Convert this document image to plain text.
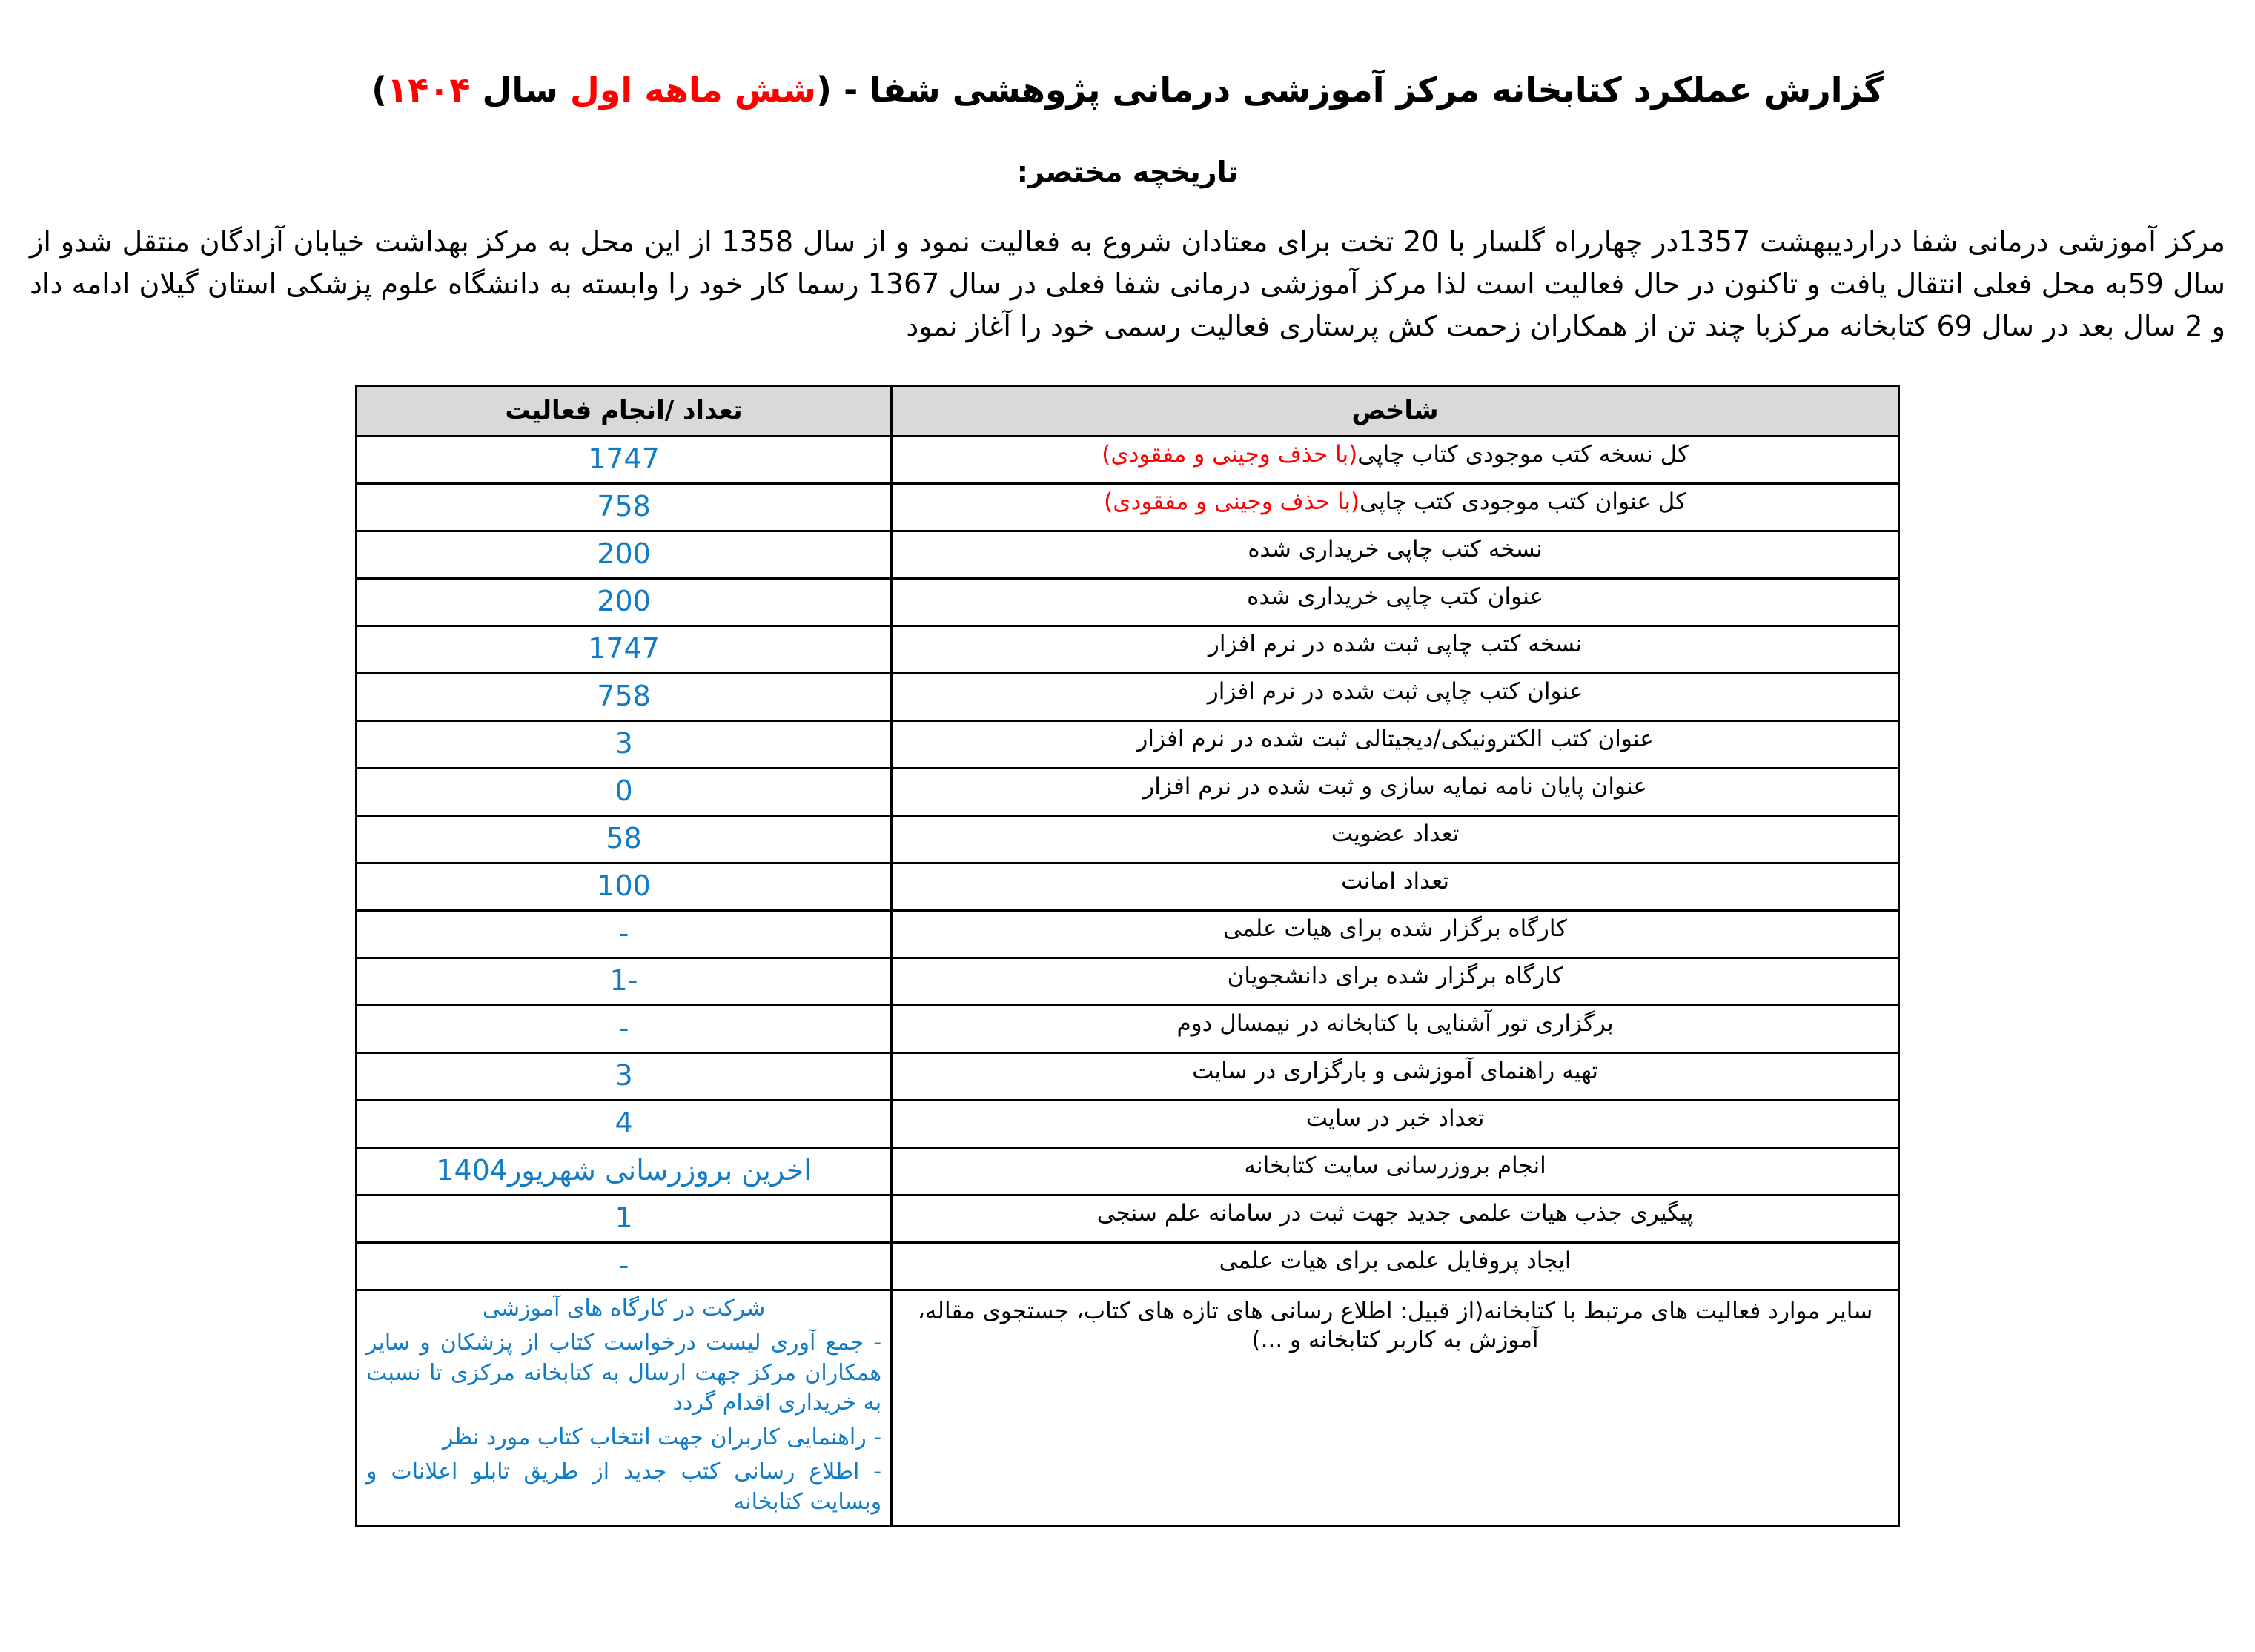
گزارش عملکرد کتابخانه مرکز آموزشی درمانی پژوهشی شفا - (شش ماهه اول سال ۱۴۰۴)
تاریخچه مختصر:

مرکز آموزشی درمانی شفا دراردیبهشت 1357در چهارراه گلسار با 20 تخت برای معتادان شروع به فعالیت نمود و از سال 1358 از این محل به مرکز بهداشت خیابان آزادگان منتقل شدو از سال 59به محل فعلی انتقال یافت و تاکنون در حال فعالیت است لذا مرکز آموزشی درمانی شفا فعلی در سال 1367 رسما کار خود را وابسته به دانشگاه علوم پزشکی استان گیلان ادامه داد و 2 سال بعد در سال 69 کتابخانه مرکزبا چند تن از همکاران زحمت کش پرستاری فعالیت رسمی خود را آغاز نمود

شاخص	تعداد /انجام فعالیت
کل نسخه کتب موجودی کتاب چاپی(با حذف وجینی و مفقودی)	1747
کل عنوان کتب موجودی کتب چاپی(با حذف وجینی و مفقودی)	758
نسخه کتب چاپی خریداری شده	200
عنوان کتب چاپی خریداری شده	200
نسخه کتب چاپی ثبت شده در نرم افزار	1747
عنوان کتب چاپی ثبت شده در نرم افزار	758
عنوان کتب الکترونیکی/دیجیتالی ثبت شده در نرم افزار	3
عنوان پایان نامه نمایه سازی و ثبت شده در نرم افزار	0
تعداد عضویت	58
تعداد امانت	100
کارگاه برگزار شده برای هیات علمی	-
کارگاه برگزار شده برای دانشجویان	1-
برگزاری تور آشنایی با کتابخانه در نیمسال دوم	-
تهیه راهنمای آموزشی و بارگزاری در سایت	3
تعداد خبر در سایت	4
انجام بروزرسانی سایت کتابخانه	اخرین بروزرسانی شهریور1404
پیگیری جذب هیات علمی جدید جهت ثبت در سامانه علم سنجی	1
ایجاد پروفایل علمی برای هیات علمی	-
سایر موارد فعالیت های مرتبط با کتابخانه(از قبیل: اطلاع رسانی های تازه های کتاب، جستجوی مقاله، آموزش به کاربر کتابخانه و ...)	شرکت در کارگاه های آموزشی
- جمع آوری لیست درخواست کتاب از پزشکان و سایر همکاران مرکز جهت ارسال به کتابخانه مرکزی تا نسبت به خریداری اقدام گردد
- راهنمایی کاربران جهت انتخاب کتاب مورد نظر
- اطلاع رسانی کتب جدید از طریق تابلو اعلانات و وبسایت کتابخانه
